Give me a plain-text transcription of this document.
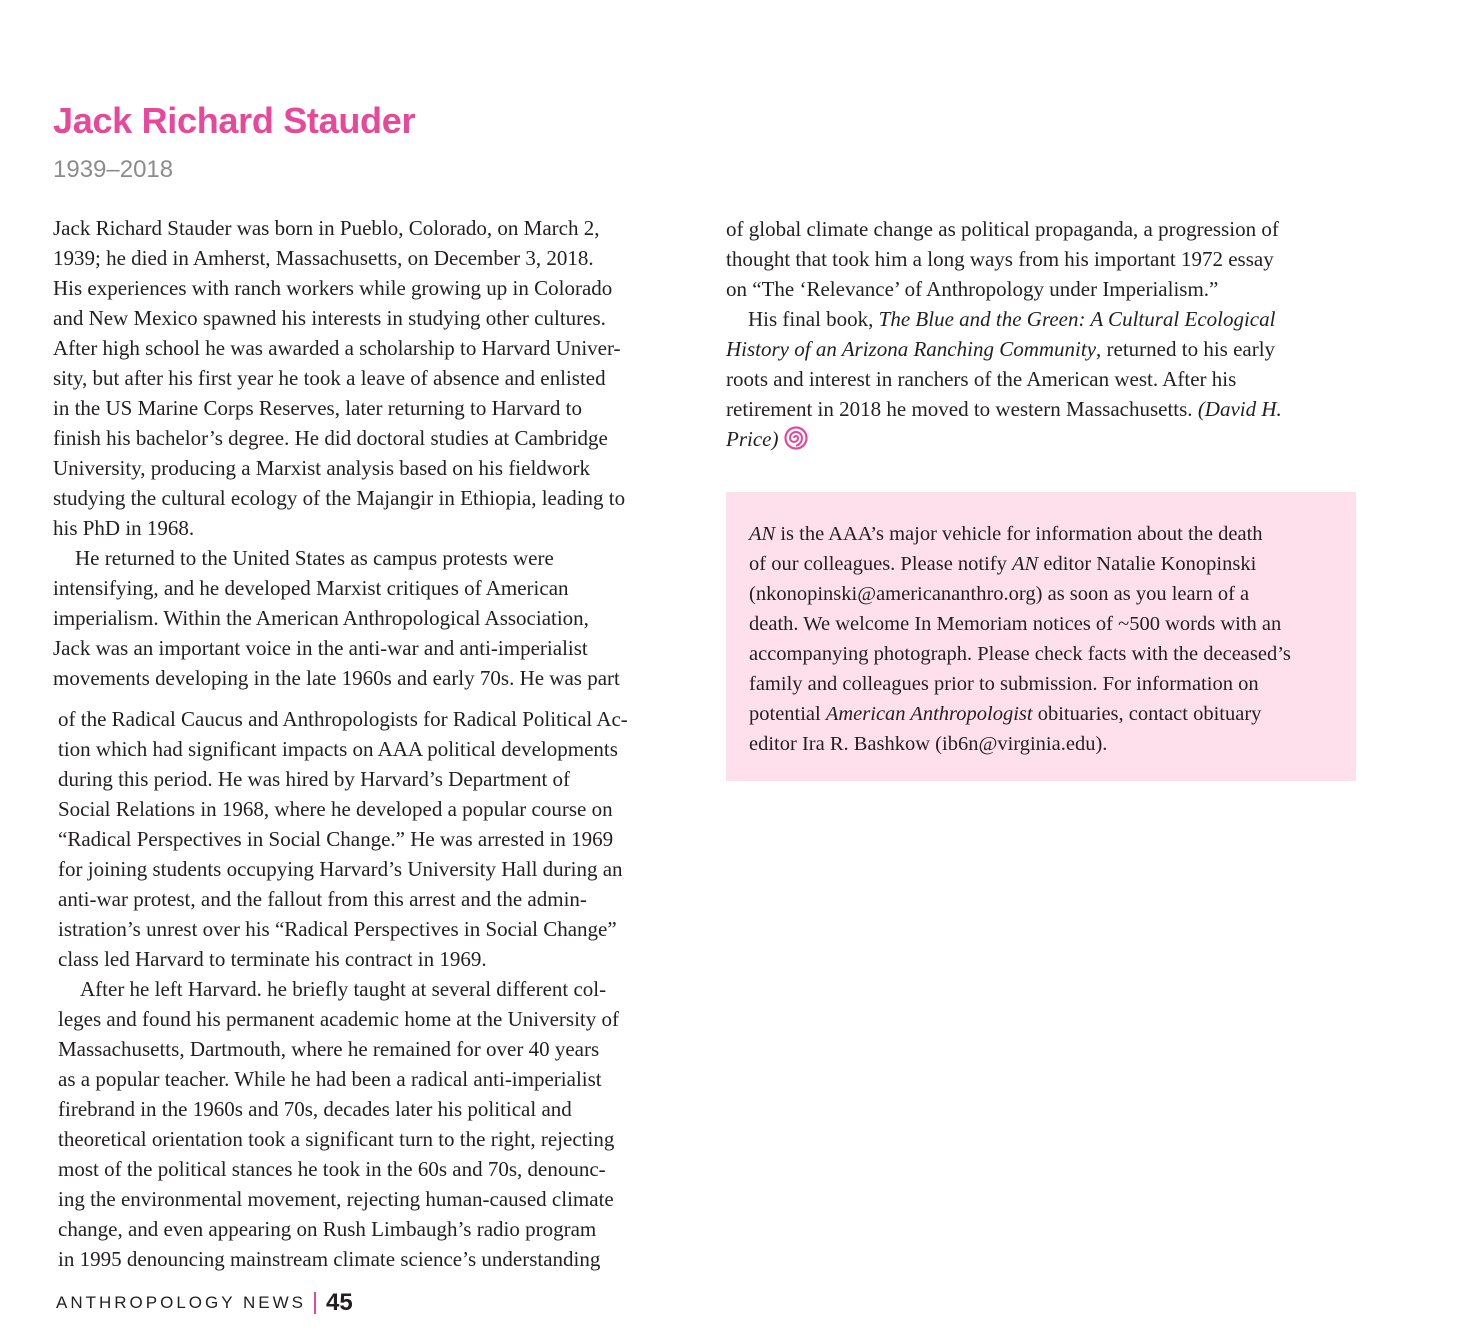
Jack Richard Stauder
1939–2018
Jack Richard Stauder was born in Pueblo, Colorado, on March 2,
1939; he died in Amherst, Massachusetts, on December 3, 2018.
His experiences with ranch workers while growing up in Colorado
and New Mexico spawned his interests in studying other cultures.
After high school he was awarded a scholarship to Harvard Univer-
sity, but after his first year he took a leave of absence and enlisted
in the US Marine Corps Reserves, later returning to Harvard to
finish his bachelor’s degree. He did doctoral studies at Cambridge
University, producing a Marxist analysis based on his fieldwork
studying the cultural ecology of the Majangir in Ethiopia, leading to
his PhD in 1968.
He returned to the United States as campus protests were
intensifying, and he developed Marxist critiques of American
imperialism. Within the American Anthropological Association,
Jack was an important voice in the anti-war and anti-imperialist
movements developing in the late 1960s and early 70s. He was part
of the Radical Caucus and Anthropologists for Radical Political Ac-
tion which had significant impacts on AAA political developments
during this period. He was hired by Harvard’s Department of
Social Relations in 1968, where he developed a popular course on
“Radical Perspectives in Social Change.” He was arrested in 1969
for joining students occupying Harvard’s University Hall during an
anti-war protest, and the fallout from this arrest and the admin-
istration’s unrest over his “Radical Perspectives in Social Change”
class led Harvard to terminate his contract in 1969.
After he left Harvard. he briefly taught at several different col-
leges and found his permanent academic home at the University of
Massachusetts, Dartmouth, where he remained for over 40 years
as a popular teacher. While he had been a radical anti-imperialist
firebrand in the 1960s and 70s, decades later his political and
theoretical orientation took a significant turn to the right, rejecting
most of the political stances he took in the 60s and 70s, denounc-
ing the environmental movement, rejecting human-caused climate
change, and even appearing on Rush Limbaugh’s radio program
in 1995 denouncing mainstream climate science’s understanding
of global climate change as political propaganda, a progression of
thought that took him a long ways from his important 1972 essay
on “The ‘Relevance’ of Anthropology under Imperialism.”
His final book, The Blue and the Green: A Cultural Ecological
History of an Arizona Ranching Community, returned to his early
roots and interest in ranchers of the American west. After his
retirement in 2018 he moved to western Massachusetts. (David H.
Price)
AN is the AAA’s major vehicle for information about the death
of our colleagues. Please notify AN editor Natalie Konopinski
(nkonopinski@americananthro.org) as soon as you learn of a
death. We welcome In Memoriam notices of ~500 words with an
accompanying photograph. Please check facts with the deceased’s
family and colleagues prior to submission. For information on
potential American Anthropologist obituaries, contact obituary
editor Ira R. Bashkow (ib6n@virginia.edu).
ANTHROPOLOGY NEWS 45
